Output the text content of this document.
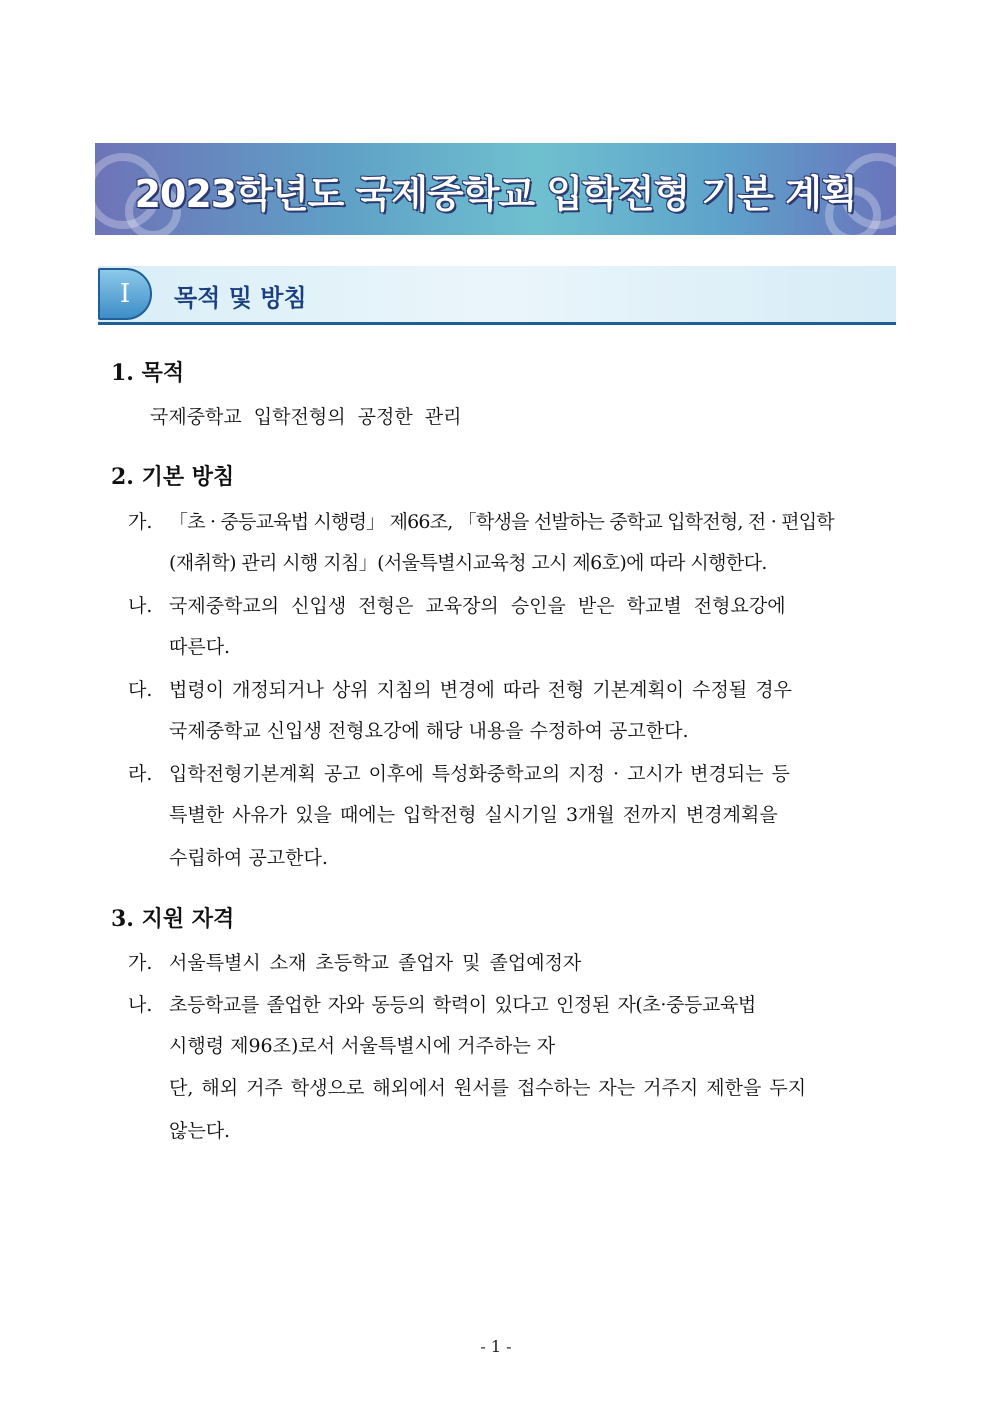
2023학년도 국제중학교 입학전형 기본 계획
Ⅰ	목적 및 방침
1. 목적
국제중학교 입학전형의 공정한 관리
2. 기본 방침
가. 「초 · 중등교육법 시행령」 제66조, 「학생을 선발하는 중학교 입학전형, 전 · 편입학
(재취학) 관리 시행 지침」(서울특별시교육청 고시 제6호)에 따라 시행한다.
나. 국제중학교의 신입생 전형은 교육장의 승인을 받은 학교별 전형요강에
따른다.
다. 법령이 개정되거나 상위 지침의 변경에 따라 전형 기본계획이 수정될 경우
국제중학교 신입생 전형요강에 해당 내용을 수정하여 공고한다.
라. 입학전형기본계획 공고 이후에 특성화중학교의 지정 · 고시가 변경되는 등
특별한 사유가 있을 때에는 입학전형 실시기일 3개월 전까지 변경계획을
수립하여 공고한다.
3. 지원 자격
가. 서울특별시 소재 초등학교 졸업자 및 졸업예정자
나. 초등학교를 졸업한 자와 동등의 학력이 있다고 인정된 자(초·중등교육법
시행령 제96조)로서 서울특별시에 거주하는 자
단, 해외 거주 학생으로 해외에서 원서를 접수하는 자는 거주지 제한을 두지
않는다.
- 1 -
